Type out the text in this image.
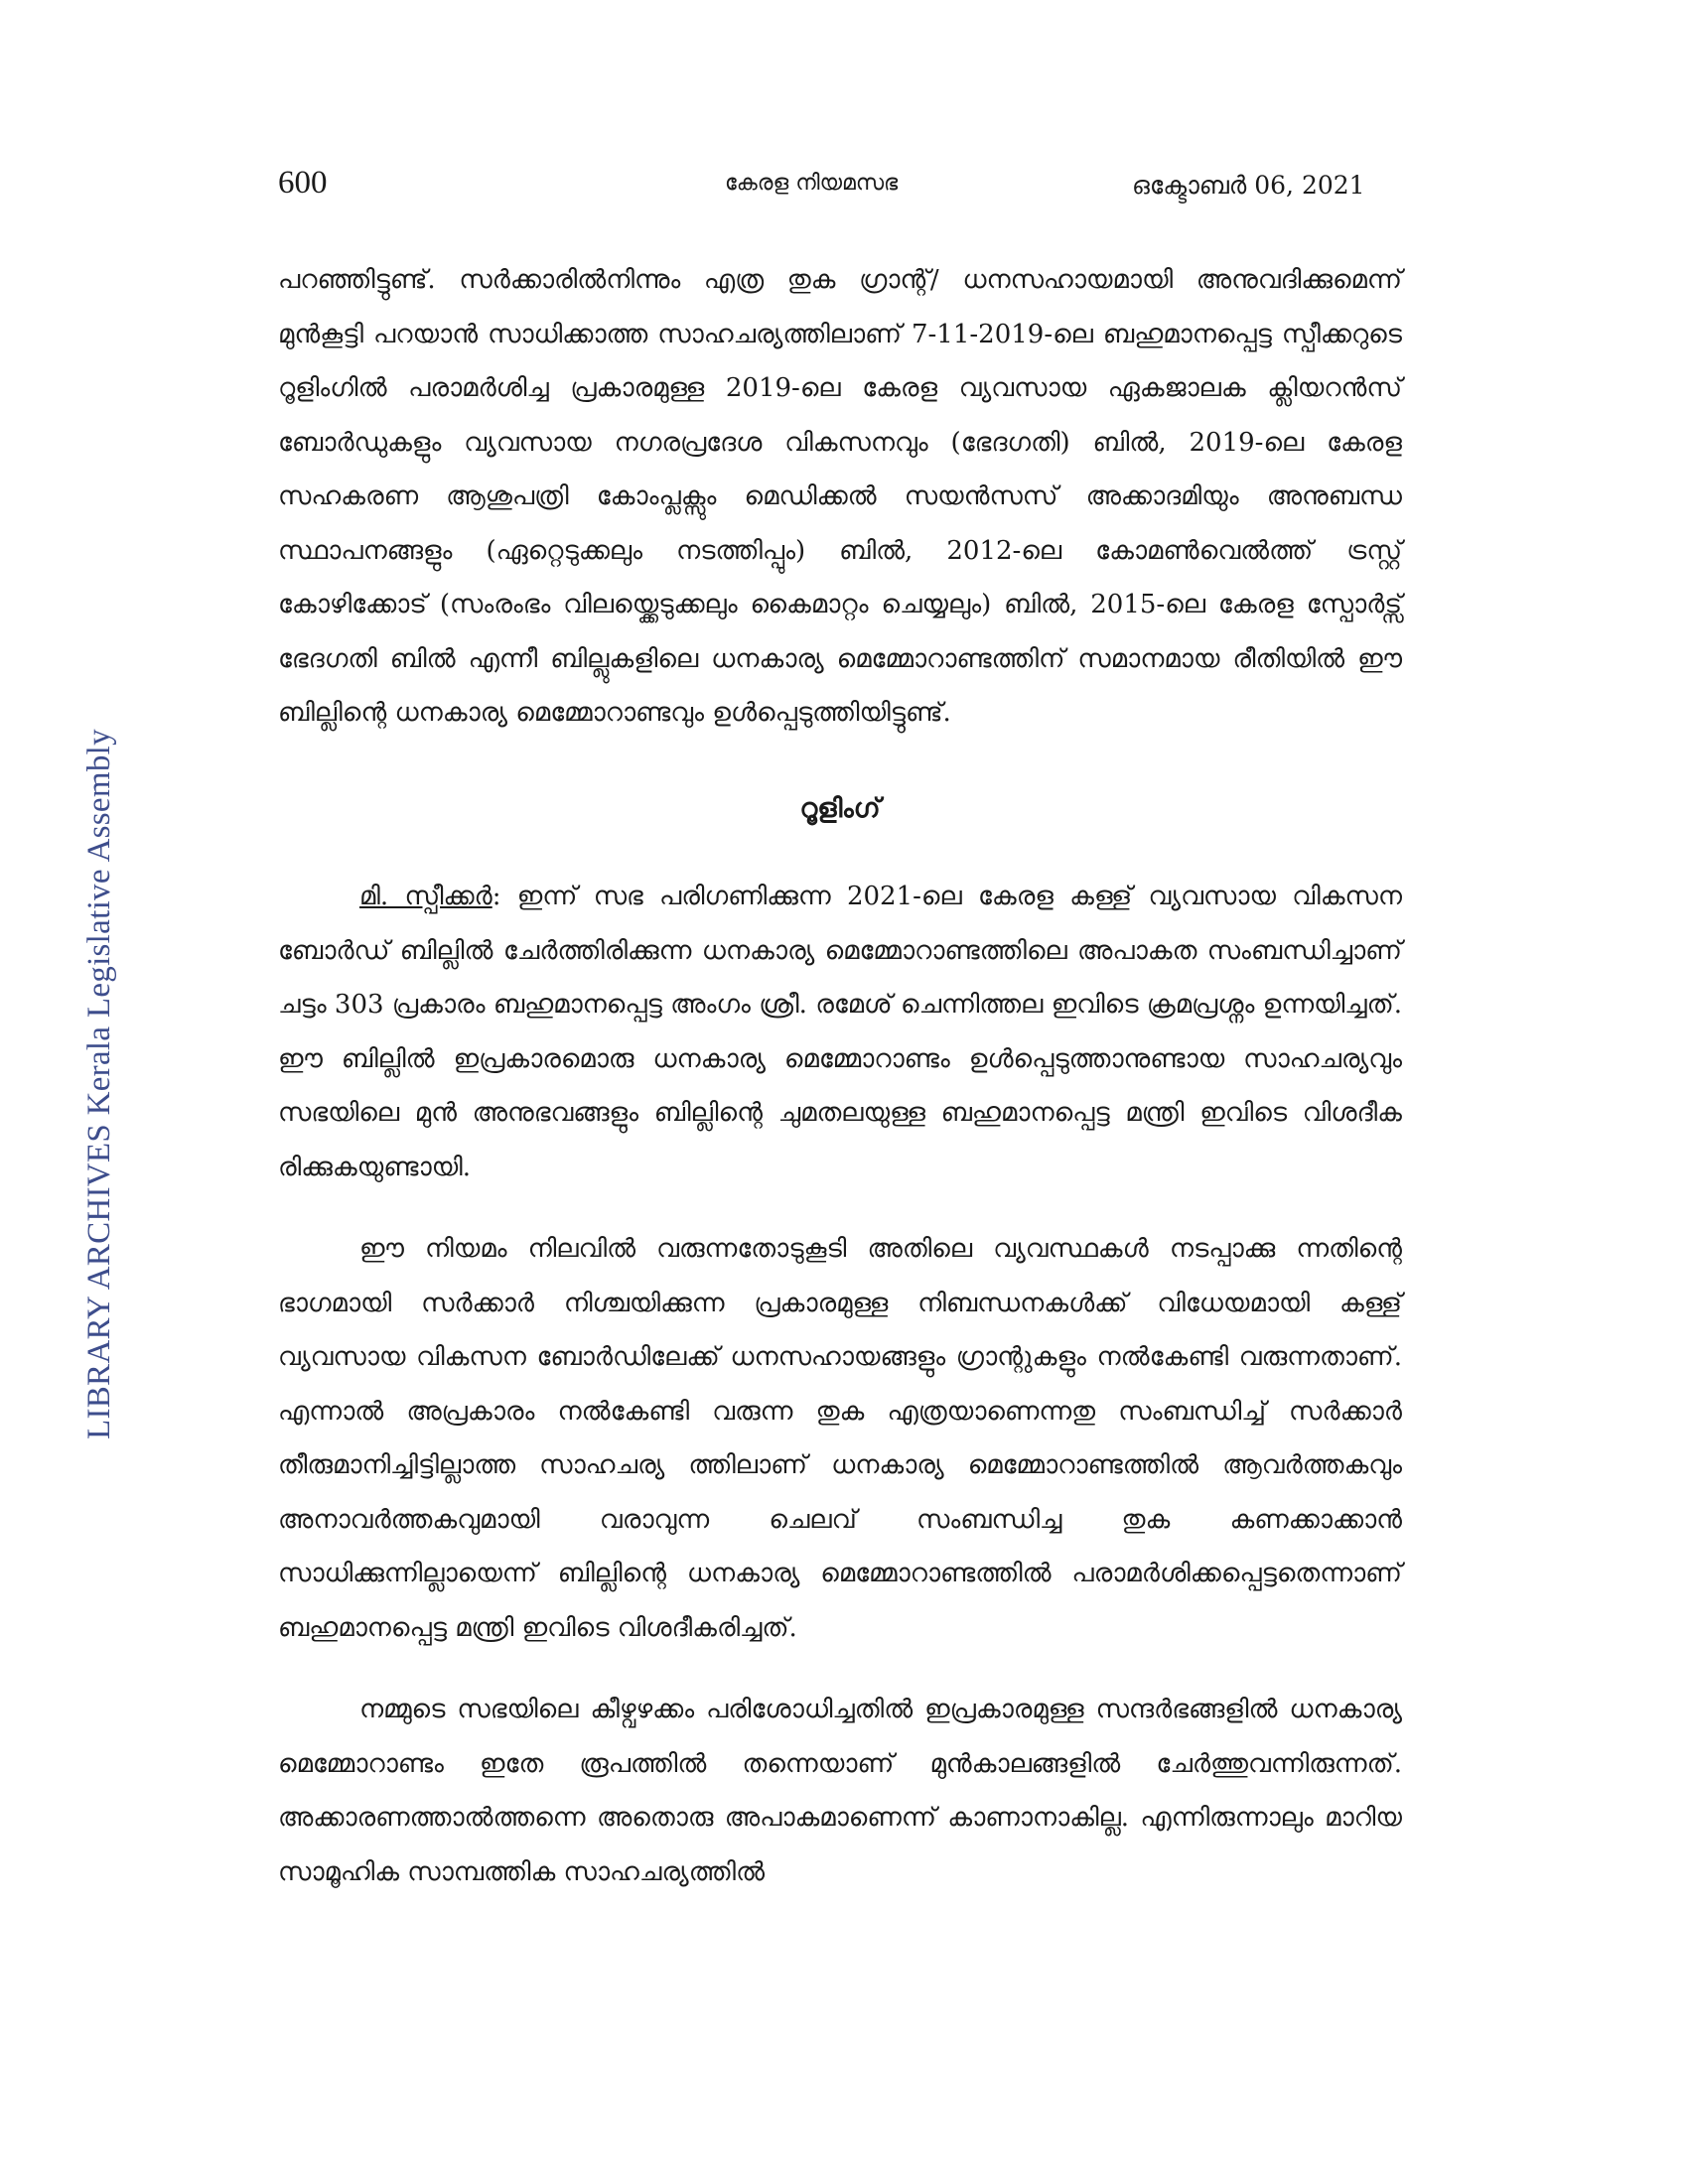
LIBRARY ARCHIVES Kerala Legislative Assembly
600	കേരള നിയമസഭ	ഒക്ടോബർ 06, 2021

പറഞ്ഞിട്ടുണ്ട്. സർക്കാരിൽനിന്നും എത്ര തുക ഗ്രാന്റ്/ ധനസഹായമായി അനുവദിക്കുമെന്ന് മുൻകൂട്ടി പറയാൻ സാധിക്കാത്ത സാഹചര്യത്തിലാണ് 7-11-2019-ലെ ബഹുമാനപ്പെട്ട സ്പീക്കറുടെ റൂളിംഗിൽ പരാമർശിച്ച പ്രകാരമുള്ള 2019-ലെ കേരള വ്യവസായ ഏകജാലക ക്ലിയറൻസ് ബോർഡുകളും വ്യവസായ നഗരപ്രദേശ വികസനവും (ഭേദഗതി) ബിൽ, 2019-ലെ കേരള സഹകരണ ആശുപത്രി കോംപ്ലക്സും മെഡിക്കൽ സയൻസസ് അക്കാദമിയും അനുബന്ധ സ്ഥാപനങ്ങളും (ഏറ്റെടുക്കലും നടത്തിപ്പും) ബിൽ, 2012-ലെ കോമൺവെൽത്ത് ട്രസ്റ്റ് കോഴിക്കോട് (സംരംഭം വിലയ്ക്കെടുക്കലും കൈമാറ്റം ചെയ്യലും) ബിൽ, 2015-ലെ കേരള സ്പോർട്സ് ഭേദഗതി ബിൽ എന്നീ ബില്ലുകളിലെ ധനകാര്യ മെമ്മോറാണ്ടത്തിന് സമാനമായ രീതിയിൽ ഈ ബില്ലിന്റെ ധനകാര്യ മെമ്മോറാണ്ടവും ഉൾപ്പെടുത്തിയിട്ടുണ്ട്.

റൂളിംഗ്

മി. സ്പീക്കർ: ഇന്ന് സഭ പരിഗണിക്കുന്ന 2021-ലെ കേരള കള്ള് വ്യവസായ വികസന ബോർഡ് ബില്ലിൽ ചേർത്തിരിക്കുന്ന ധനകാര്യ മെമ്മോറാണ്ടത്തിലെ അപാകത സംബന്ധിച്ചാണ് ചട്ടം 303 പ്രകാരം ബഹുമാനപ്പെട്ട അംഗം ശ്രീ. രമേശ് ചെന്നിത്തല ഇവിടെ ക്രമപ്രശ്നം ഉന്നയിച്ചത്. ഈ ബില്ലിൽ ഇപ്രകാരമൊരു ധനകാര്യ മെമ്മോറാണ്ടം ഉൾപ്പെടുത്താനുണ്ടായ സാഹചര്യവും സഭയിലെ മുൻ അനുഭവങ്ങളും ബില്ലിന്റെ ചുമതലയുള്ള ബഹുമാനപ്പെട്ട മന്ത്രി ഇവിടെ വിശദീക രിക്കുകയുണ്ടായി.

ഈ നിയമം നിലവിൽ വരുന്നതോടുകൂടി അതിലെ വ്യവസ്ഥകൾ നടപ്പാക്കു ന്നതിന്റെ ഭാഗമായി സർക്കാർ നിശ്ചയിക്കുന്ന പ്രകാരമുള്ള നിബന്ധനകൾക്ക് വിധേയമായി കള്ള് വ്യവസായ വികസന ബോർഡിലേക്ക് ധനസഹായങ്ങളും ഗ്രാന്റുകളും നൽകേണ്ടി വരുന്നതാണ്. എന്നാൽ അപ്രകാരം നൽകേണ്ടി വരുന്ന തുക എത്രയാണെന്നതു സംബന്ധിച്ച് സർക്കാർ തീരുമാനിച്ചിട്ടില്ലാത്ത സാഹചര്യ ത്തിലാണ് ധനകാര്യ മെമ്മോറാണ്ടത്തിൽ ആവർത്തകവും അനാവർത്തകവുമായി വരാവുന്ന ചെലവ് സംബന്ധിച്ച തുക കണക്കാക്കാൻ സാധിക്കുന്നില്ലായെന്ന് ബില്ലിന്റെ ധനകാര്യ മെമ്മോറാണ്ടത്തിൽ പരാമർശിക്കപ്പെട്ടതെന്നാണ് ബഹുമാനപ്പെട്ട മന്ത്രി ഇവിടെ വിശദീകരിച്ചത്.

നമ്മുടെ സഭയിലെ കീഴ്വഴക്കം പരിശോധിച്ചതിൽ ഇപ്രകാരമുള്ള സന്ദർഭങ്ങളിൽ ധനകാര്യ മെമ്മോറാണ്ടം ഇതേ രൂപത്തിൽ തന്നെയാണ് മുൻകാലങ്ങളിൽ ചേർത്തുവന്നിരുന്നത്. അക്കാരണത്താൽത്തന്നെ അതൊരു അപാകമാണെന്ന് കാണാനാകില്ല. എന്നിരുന്നാലും മാറിയ സാമൂഹിക സാമ്പത്തിക സാഹചര്യത്തിൽ
